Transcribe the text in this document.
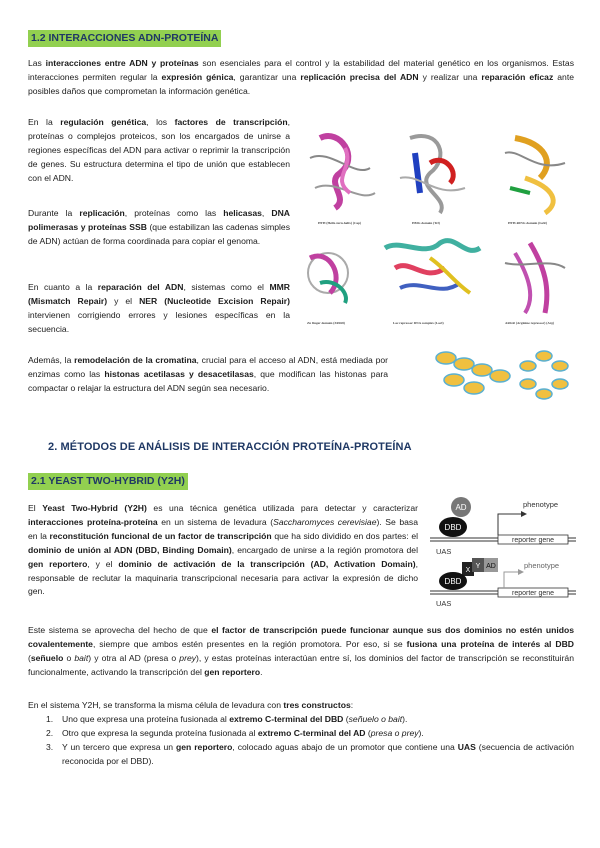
1.2 INTERACCIONES ADN-PROTEÍNA
Las interacciones entre ADN y proteínas son esenciales para el control y la estabilidad del material genético en los organismos. Estas interacciones permiten regular la expresión génica, garantizar una replicación precisa del ADN y realizar una reparación eficaz ante posibles daños que comprometan la información genética.
En la regulación genética, los factores de transcripción, proteínas o complejos proteicos, son los encargados de unirse a regiones específicas del ADN para activar o reprimir la transcripción de genes. Su estructura determina el tipo de unión que establecen con el ADN.
Durante la replicación, proteínas como las helicasas, DNA polimerasas y proteínas SSB (que estabilizan las cadenas simples de ADN) actúan de forma coordinada para copiar el genoma.
En cuanto a la reparación del ADN, sistemas como el MMR (Mismatch Repair) y el NER (Nucleotide Excision Repair) intervienen corrigiendo errores y lesiones específicas en la secuencia.
Además, la remodelación de la cromatina, crucial para el acceso al ADN, está mediada por enzimas como las histonas acetilasas y desacetilasas, que modifican las histonas para compactar o relajar la estructura del ADN según sea necesario.
HTH (Helix-turn-helix) (Cap)	HMG domain (Tcf)	HTH-RING domain (IscR)
Zn finger domain (Zif268)	Lac repressor DNA complex (LacI)	ARGR (Arginine repressor) (Arg)
2. MÉTODOS DE ANÁLISIS DE INTERACCIÓN PROTEÍNA-PROTEÍNA
2.1 YEAST TWO-HYBRID (Y2H)
El Yeast Two-Hybrid (Y2H) es una técnica genética utilizada para detectar y caracterizar interacciones proteína-proteína en un sistema de levadura (Saccharomyces cerevisiae). Se basa en la reconstitución funcional de un factor de transcripción que ha sido dividido en dos partes: el dominio de unión al ADN (DBD, Binding Domain), encargado de unirse a la región promotora del gen reportero, y el dominio de activación de la transcripción (AD, Activation Domain), responsable de reclutar la maquinaria transcripcional necesaria para activar la expresión de dicho gen.
AD
DBD
reporter gene
UAS
phenotype
X
Y AD
DBD
reporter gene
UAS
phenotype
Este sistema se aprovecha del hecho de que el factor de transcripción puede funcionar aunque sus dos dominios no estén unidos covalentemente, siempre que ambos estén presentes en la región promotora. Por eso, si se fusiona una proteína de interés al DBD (señuelo o bait) y otra al AD (presa o prey), y estas proteínas interactúan entre sí, los dominios del factor de transcripción se reconstituirán funcionalmente, activando la transcripción del gen reportero.
En el sistema Y2H, se transforma la misma célula de levadura con tres constructos:
1. Uno que expresa una proteína fusionada al extremo C-terminal del DBD (señuelo o bait).
2. Otro que expresa la segunda proteína fusionada al extremo C-terminal del AD (presa o prey).
3. Y un tercero que expresa un gen reportero, colocado aguas abajo de un promotor que contiene una UAS (secuencia de activación reconocida por el DBD).
